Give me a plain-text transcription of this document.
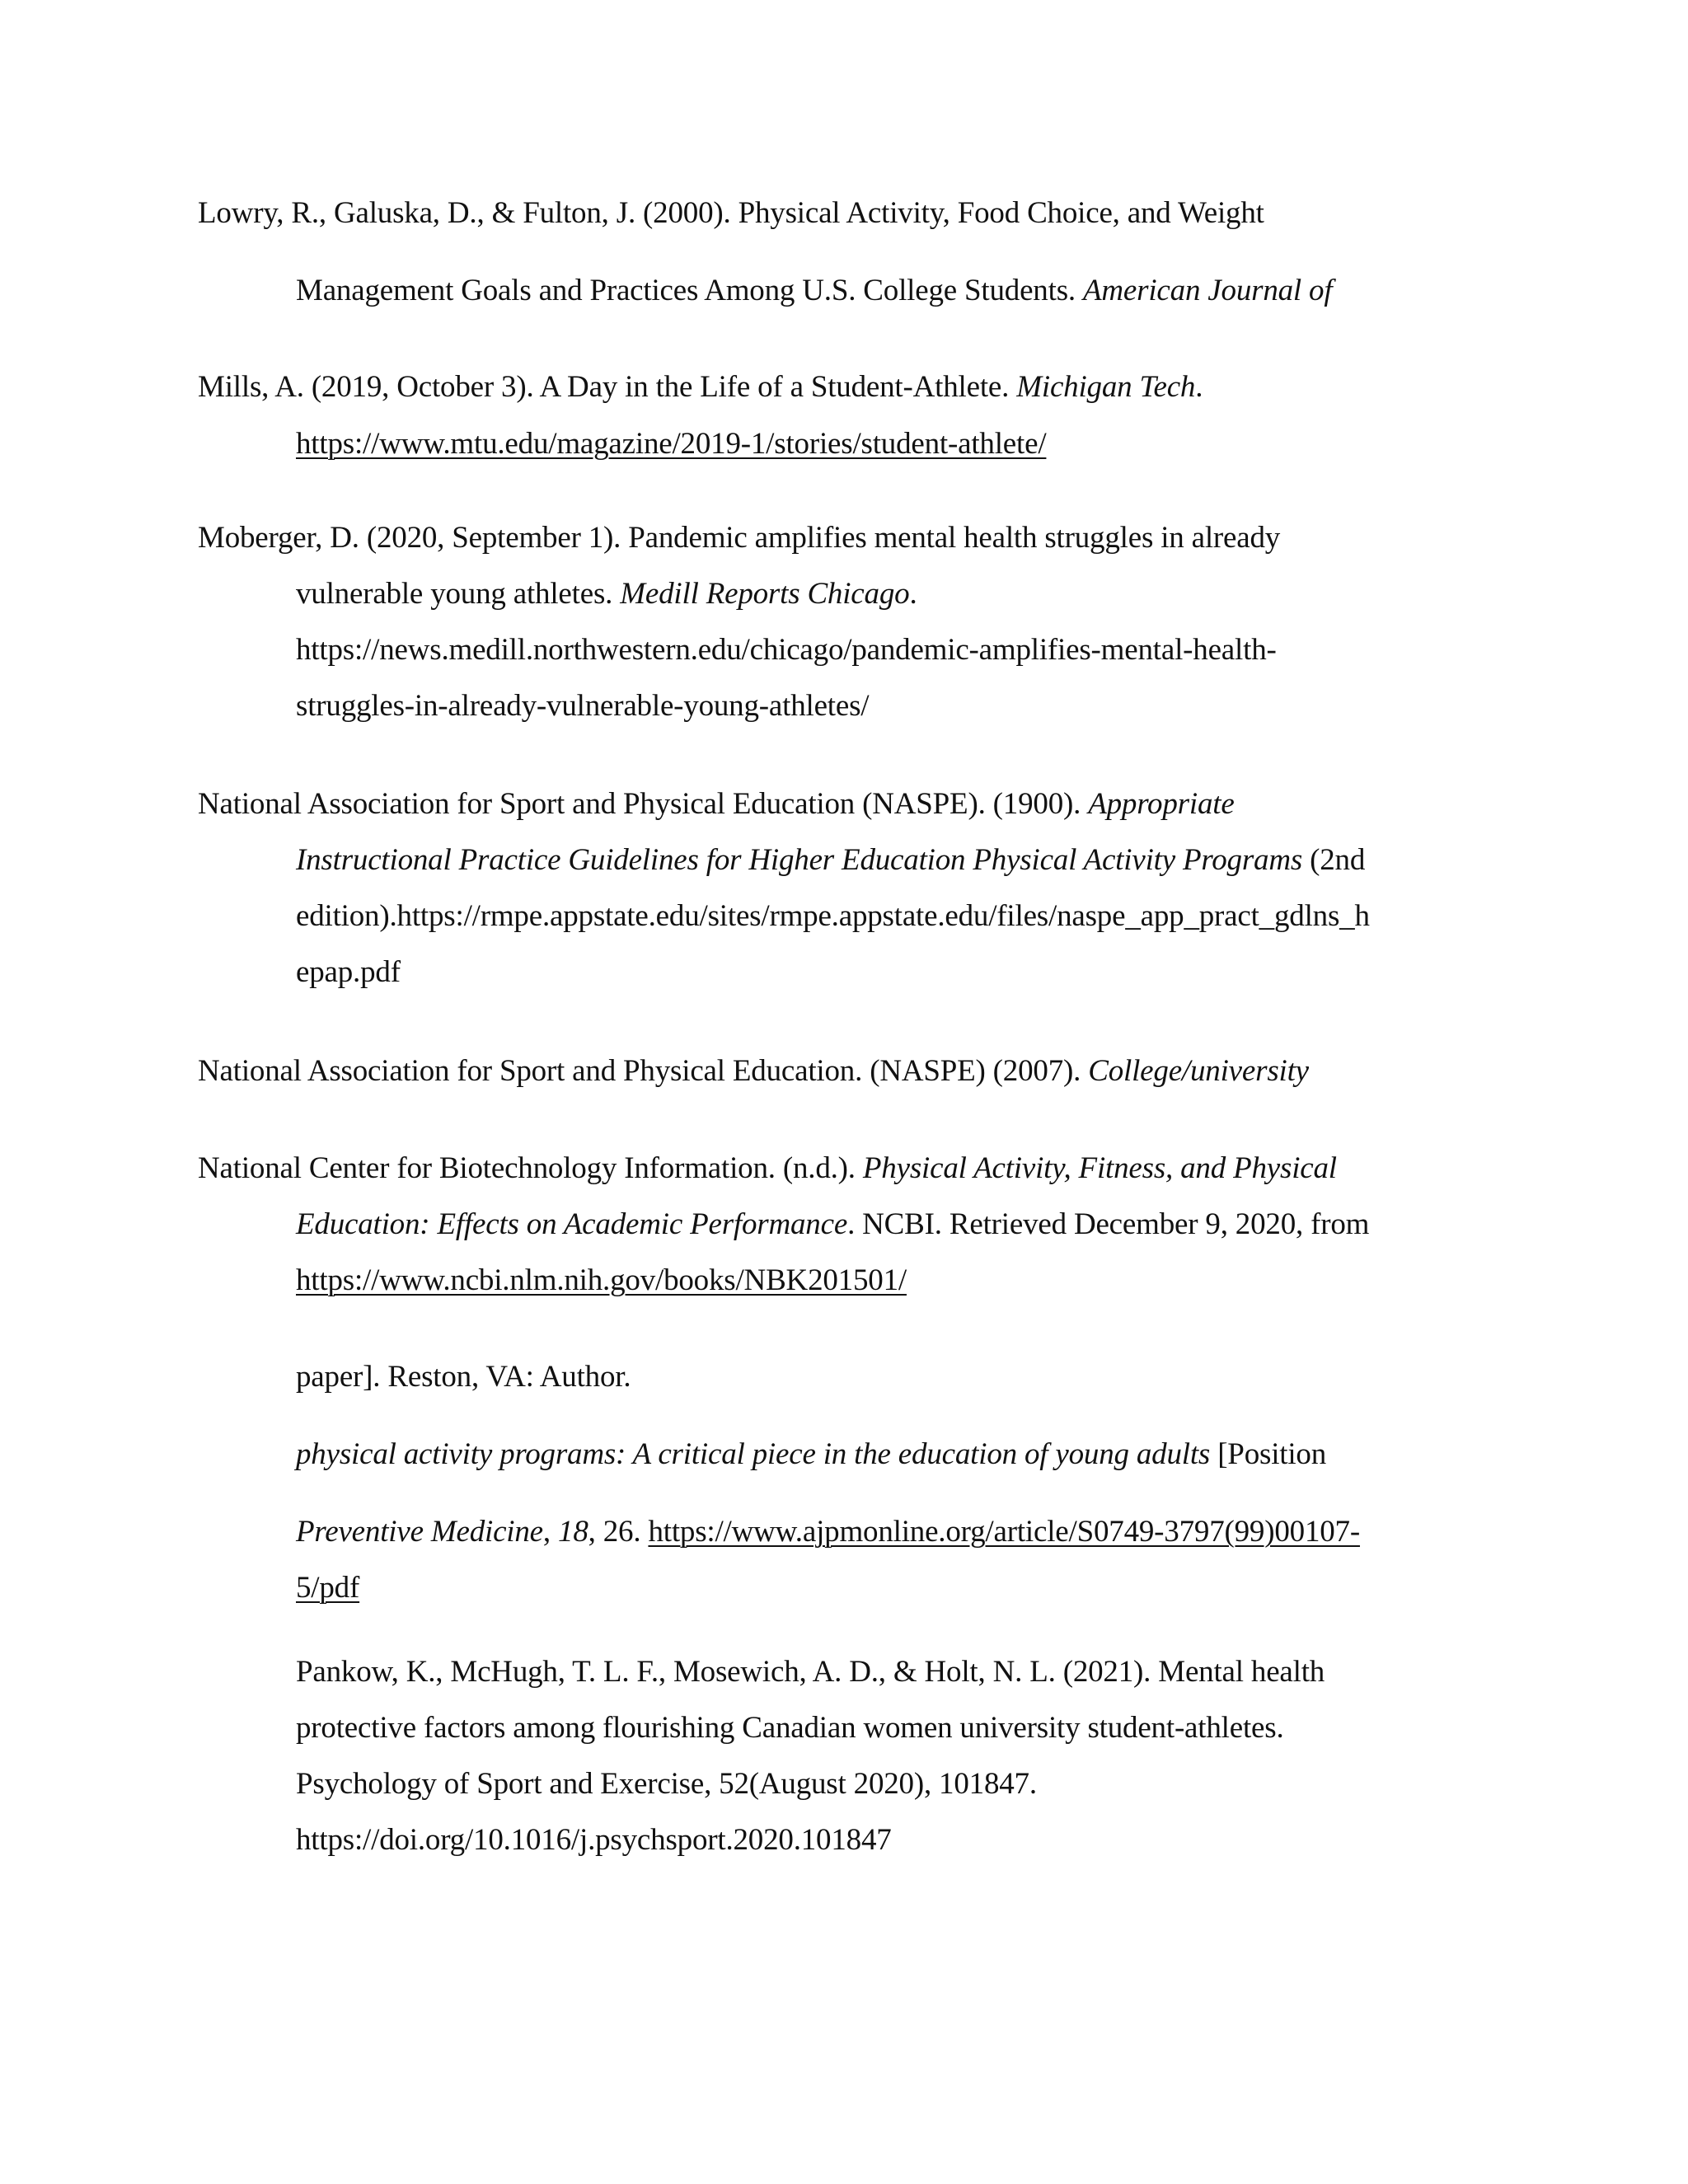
Lowry, R., Galuska, D., & Fulton, J. (2000). Physical Activity, Food Choice, and Weight
Management Goals and Practices Among U.S. College Students. American Journal of
Mills, A. (2019, October 3). A Day in the Life of a Student-Athlete. Michigan Tech.
https://www.mtu.edu/magazine/2019-1/stories/student-athlete/
Moberger, D. (2020, September 1). Pandemic amplifies mental health struggles in already
vulnerable young athletes. Medill Reports Chicago.
https://news.medill.northwestern.edu/chicago/pandemic-amplifies-mental-health-
struggles-in-already-vulnerable-young-athletes/
National Association for Sport and Physical Education (NASPE). (1900). Appropriate
Instructional Practice Guidelines for Higher Education Physical Activity Programs (2nd
edition).https://rmpe.appstate.edu/sites/rmpe.appstate.edu/files/naspe_app_pract_gdlns_h
epap.pdf
National Association for Sport and Physical Education. (NASPE) (2007). College/university
National Center for Biotechnology Information. (n.d.). Physical Activity, Fitness, and Physical
Education: Effects on Academic Performance. NCBI. Retrieved December 9, 2020, from
https://www.ncbi.nlm.nih.gov/books/NBK201501/
paper]. Reston, VA: Author.
physical activity programs: A critical piece in the education of young adults [Position
Preventive Medicine, 18, 26. https://www.ajpmonline.org/article/S0749-3797(99)00107-
5/pdf
Pankow, K., McHugh, T. L. F., Mosewich, A. D., & Holt, N. L. (2021). Mental health
protective factors among flourishing Canadian women university student-athletes.
Psychology of Sport and Exercise, 52(August 2020), 101847.
https://doi.org/10.1016/j.psychsport.2020.101847
